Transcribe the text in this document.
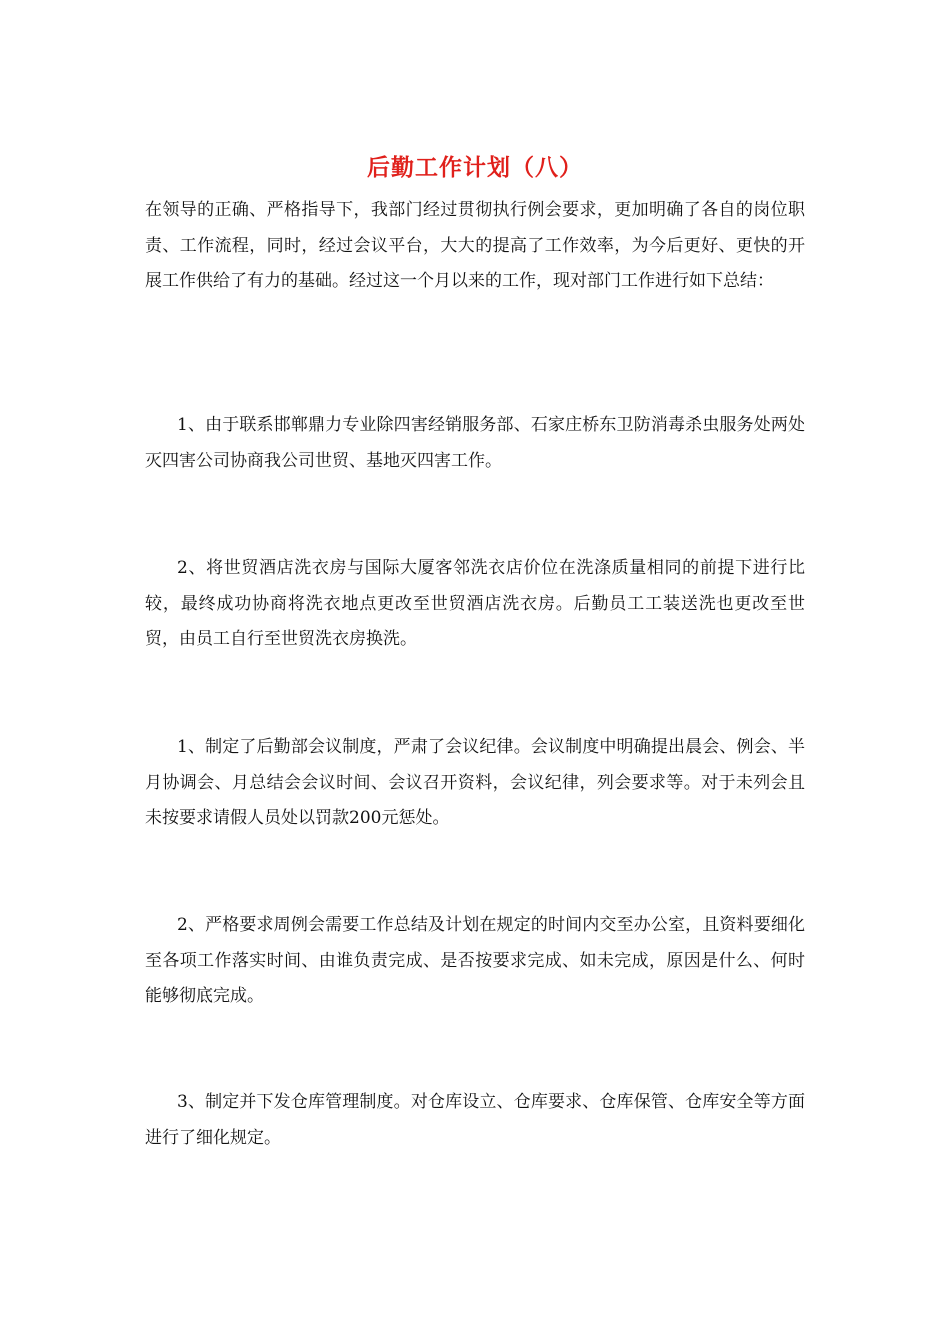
后勤工作计划（八）

在领导的正确、严格指导下，我部门经过贯彻执行例会要求，更加明确了各自的岗位职责、工作流程，同时，经过会议平台，大大的提高了工作效率，为今后更好、更快的开展工作供给了有力的基础。经过这一个月以来的工作，现对部门工作进行如下总结：

1、由于联系邯郸鼎力专业除四害经销服务部、石家庄桥东卫防消毒杀虫服务处两处灭四害公司协商我公司世贸、基地灭四害工作。

2、将世贸酒店洗衣房与国际大厦客邻洗衣店价位在洗涤质量相同的前提下进行比较，最终成功协商将洗衣地点更改至世贸酒店洗衣房。后勤员工工装送洗也更改至世贸，由员工自行至世贸洗衣房换洗。

1、制定了后勤部会议制度，严肃了会议纪律。会议制度中明确提出晨会、例会、半月协调会、月总结会会议时间、会议召开资料，会议纪律，列会要求等。对于未列会且未按要求请假人员处以罚款200元惩处。

2、严格要求周例会需要工作总结及计划在规定的时间内交至办公室，且资料要细化至各项工作落实时间、由谁负责完成、是否按要求完成、如未完成，原因是什么、何时能够彻底完成。

3、制定并下发仓库管理制度。对仓库设立、仓库要求、仓库保管、仓库安全等方面进行了细化规定。
